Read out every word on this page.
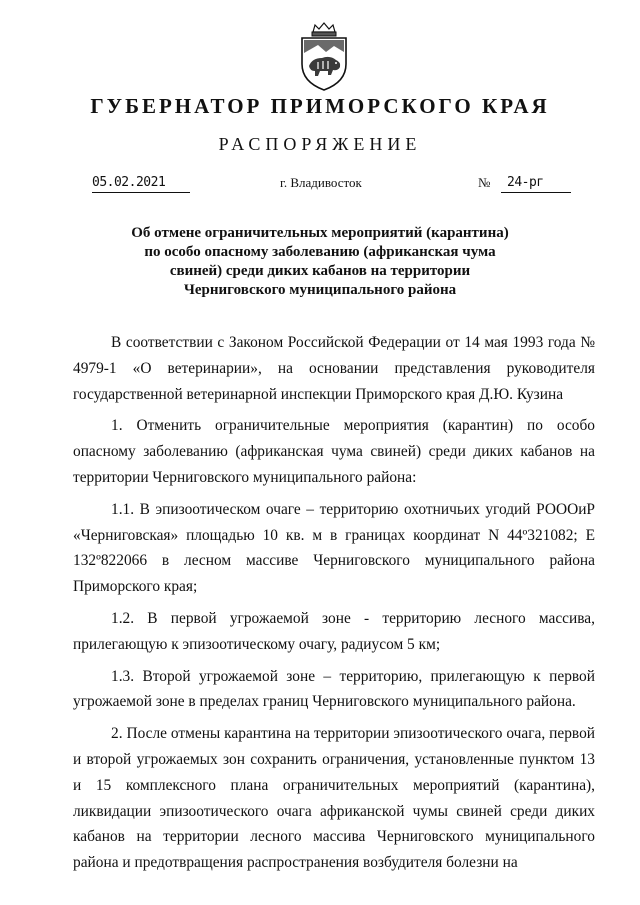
ГУБЕРНАТОР ПРИМОРСКОГО КРАЯ
РАСПОРЯЖЕНИЕ
05.02.2021	г. Владивосток	№	24-рг
Об отмене ограничительных мероприятий (карантина)
по особо опасному заболеванию (африканская чума
свиней) среди диких кабанов на территории
Черниговского муниципального района

В соответствии с Законом Российской Федерации от 14 мая 1993 года № 4979-1 «О ветеринарии», на основании представления руководителя государственной ветеринарной инспекции Приморского края Д.Ю. Кузина

1. Отменить ограничительные мероприятия (карантин) по особо опасному заболеванию (африканская чума свиней) среди диких кабанов на территории Черниговского муниципального района:

1.1. В эпизоотическом очаге – территорию охотничьих угодий РОООиР «Черниговская» площадью 10 кв. м в границах координат N 44º321082; E 132º822066 в лесном массиве Черниговского муниципального района Приморского края;

1.2. В первой угрожаемой зоне - территорию лесного массива, прилегающую к эпизоотическому очагу, радиусом 5 км;

1.3. Второй угрожаемой зоне – территорию, прилегающую к первой угрожаемой зоне в пределах границ Черниговского муниципального района.

2. После отмены карантина на территории эпизоотического очага, первой и второй угрожаемых зон сохранить ограничения, установленные пунктом 13 и 15 комплексного плана ограничительных мероприятий (карантина), ликвидации эпизоотического очага африканской чумы свиней среди диких кабанов на территории лесного массива Черниговского муниципального района и предотвращения распространения возбудителя болезни на
